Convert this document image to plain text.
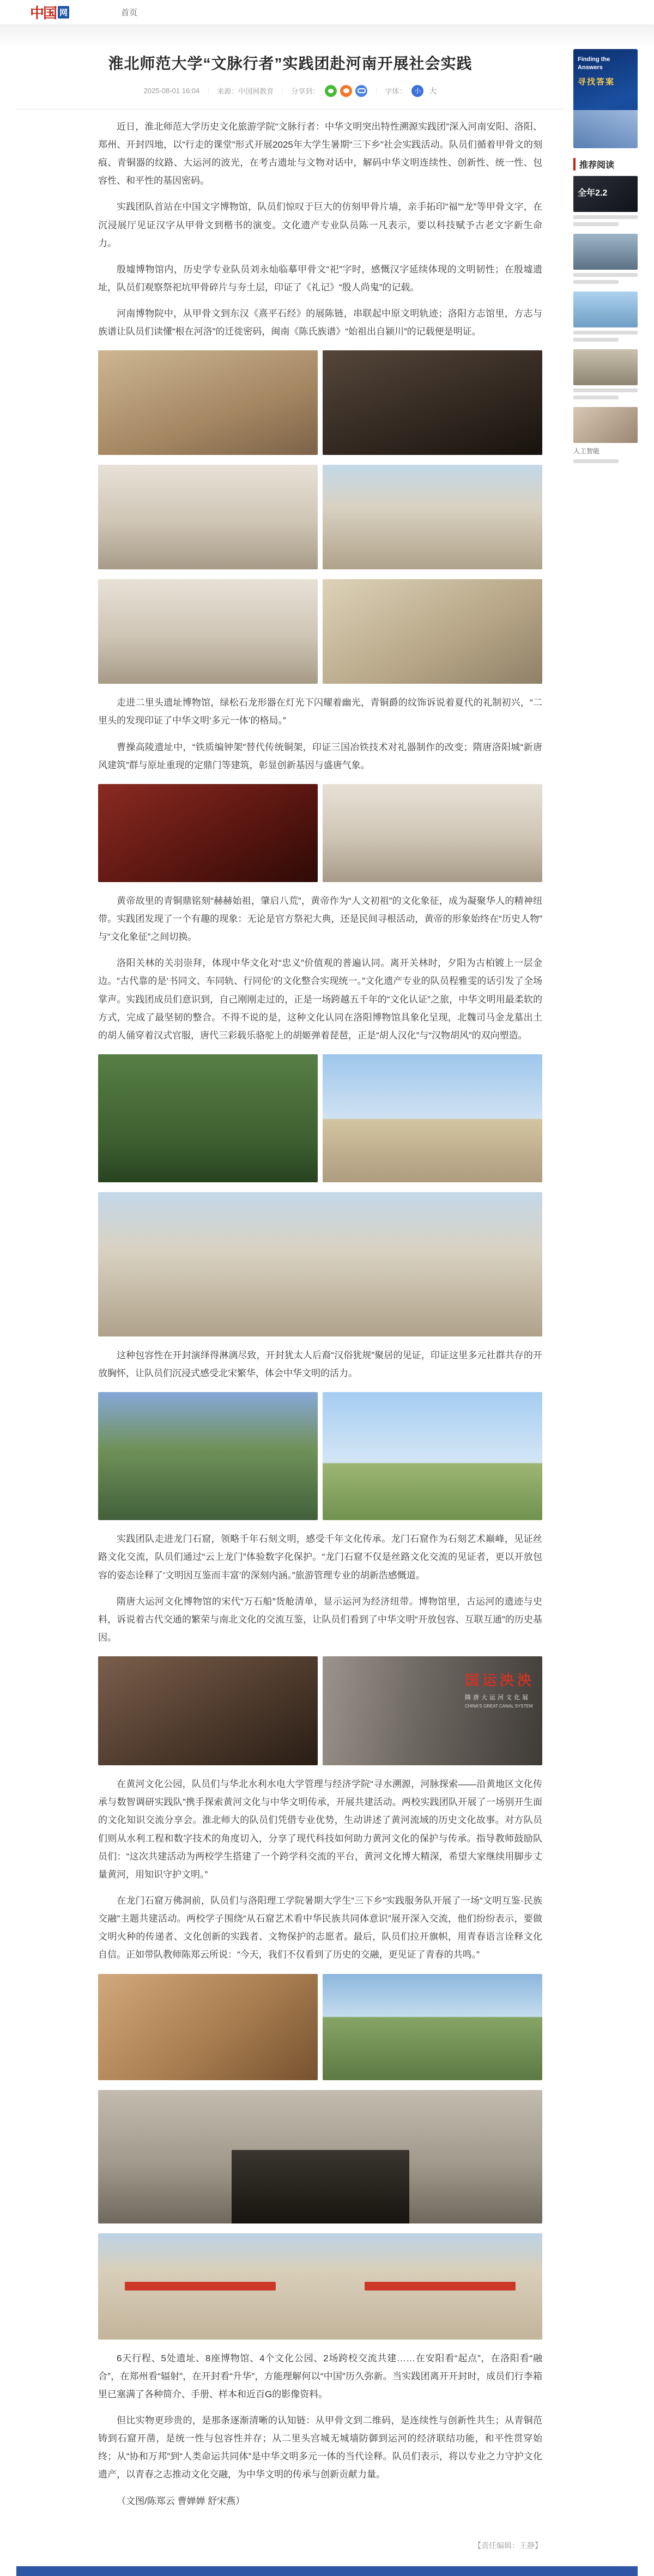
中国 网	首页
淮北师范大学“文脉行者”实践团赴河南开展社会实践
2025-08-01 16:04 ｜ 来源：中国网教育 ｜ 分享到：	｜ 字体：	小	大

近日，淮北师范大学历史文化旅游学院“文脉行者：中华文明突出特性溯源实践团”深入河南安阳、洛阳、郑州、开封四地，以“行走的课堂”形式开展2025年大学生暑期“三下乡”社会实践活动。队员们循着甲骨文的刻痕、青铜器的纹路、大运河的波光，在考古遗址与文物对话中，解码中华文明连续性、创新性、统一性、包容性、和平性的基因密码。

实践团队首站在中国文字博物馆，队员们惊叹于巨大的仿刻甲骨片墙，亲手拓印“福”“龙”等甲骨文字，在沉浸展厅见证汉字从甲骨文到楷书的演变。文化遗产专业队员陈一凡表示，要以科技赋予古老文字新生命力。

殷墟博物馆内，历史学专业队员刘永灿临摹甲骨文“祀”字时，感慨汉字延续体现的文明韧性；在殷墟遗址，队员们观察祭祀坑甲骨碎片与夯土层，印证了《礼记》“殷人尚鬼”的记载。

河南博物院中，从甲骨文到东汉《熹平石经》的展陈链，串联起中原文明轨迹；洛阳方志馆里，方志与族谱让队员们读懂“根在河洛”的迁徙密码，闽南《陈氏族谱》“始祖出自颍川”的记载便是明证。

走进二里头遗址博物馆，绿松石龙形器在灯光下闪耀着幽光，青铜爵的纹饰诉说着夏代的礼制初兴，“二里头的发现印证了中华文明‘多元一体’的格局。”

曹操高陵遗址中，“铁质编钟架”替代传统铜架，印证三国冶铁技术对礼器制作的改变；隋唐洛阳城“新唐风建筑”群与原址重现的定鼎门等建筑，彰显创新基因与盛唐气象。

黄帝故里的青铜鼎铭刻“赫赫始祖，肇启八荒”，黄帝作为“人文初祖”的文化象征，成为凝聚华人的精神纽带。实践团发现了一个有趣的现象：无论是官方祭祀大典，还是民间寻根活动，黄帝的形象始终在“历史人物”与“文化象征”之间切换。

洛阳关林的关羽崇拜，体现中华文化对“忠义”价值观的普遍认同。离开关林时，夕阳为古柏镀上一层金边。“古代靠的是‘书同文、车同轨、行同伦’的文化整合实现统一。”文化遗产专业的队员程雅雯的话引发了全场掌声。实践团成员们意识到，自己刚刚走过的，正是一场跨越五千年的“文化认证”之旅，中华文明用最柔软的方式，完成了最坚韧的整合。不得不说的是，这种文化认同在洛阳博物馆具象化呈现，北魏司马金龙墓出土的胡人俑穿着汉式官服，唐代三彩载乐骆驼上的胡姬弹着琵琶，正是“胡人汉化”与“汉物胡风”的双向塑造。

这种包容性在开封演绎得淋漓尽致，开封犹太人后裔“汉俗犹规”聚居的见证，印证这里多元社群共存的开放胸怀，让队员们沉浸式感受北宋繁华，体会中华文明的活力。

实践团队走进龙门石窟，领略千年石刻文明，感受千年文化传承。龙门石窟作为石刻艺术巅峰，见证丝路文化交流，队员们通过“云上龙门”体验数字化保护。“龙门石窟不仅是丝路文化交流的见证者，更以开放包容的姿态诠释了‘文明因互鉴而丰富’的深刻内涵。”旅游管理专业的胡新浩感慨道。

隋唐大运河文化博物馆的宋代“万石船”货舱清单，显示运河为经济纽带。博物馆里，古运河的遗迹与史料，诉说着古代交通的繁荣与南北文化的交流互鉴，让队员们看到了中华文明“开放包容、互联互通”的历史基因。

国运泱泱
隋唐大运河文化展
CHINA'S GREAT CANAL SYSTEM

在黄河文化公园，队员们与华北水利水电大学管理与经济学院“寻水溯源，河脉探索——沿黄地区文化传承与数智调研实践队”携手探索黄河文化与中华文明传承，开展共建活动。两校实践团队开展了一场别开生面的文化知识交流分享会。淮北师大的队员们凭借专业优势，生动讲述了黄河流域的历史文化故事。对方队员们则从水利工程和数字技术的角度切入，分享了现代科技如何助力黄河文化的保护与传承。指导教师鼓励队员们：“这次共建活动为两校学生搭建了一个跨学科交流的平台，黄河文化博大精深，希望大家继续用脚步丈量黄河，用知识守护文明。”

在龙门石窟万佛洞前，队员们与洛阳理工学院暑期大学生“三下乡”实践服务队开展了一场“文明互鉴·民族交融”主题共建活动。两校学子围绕“从石窟艺术看中华民族共同体意识”展开深入交流，他们纷纷表示，要做文明火种的传递者、文化创新的实践者、文物保护的志愿者。最后，队员们拉开旗帜，用青春语言诠释文化自信。正如带队教师陈郑云所说：“今天，我们不仅看到了历史的交融，更见证了青春的共鸣。”

6天行程、5处遗址、8座博物馆、4个文化公园、2场跨校交流共建……在安阳看“起点”，在洛阳看“融合”，在郑州看“辐射”，在开封看“升华”，方能理解何以“中国”历久弥新。当实践团离开开封时，成员们行李箱里已塞满了各种简介、手册、样本和近百G的影像资料。

但比实物更珍贵的，是那条逐渐清晰的认知链：从甲骨文到二维码，是连续性与创新性共生；从青铜范铸到石窟开凿，是统一性与包容性并存；从二里头宫城无城墙防御到运河的经济联结功能，和平性贯穿始终；从“协和万邦”到“人类命运共同体”是中华文明多元一体的当代诠释。队员们表示，将以专业之力守护文化遗产，以青春之志推动文化交融，为中华文明的传承与创新贡献力量。

（文图/陈郑云 曹婵婵 舒宋燕）

【责任编辑：王静】
Finding the Answers
寻找答案
推荐阅读
全年2.2
人工智能
